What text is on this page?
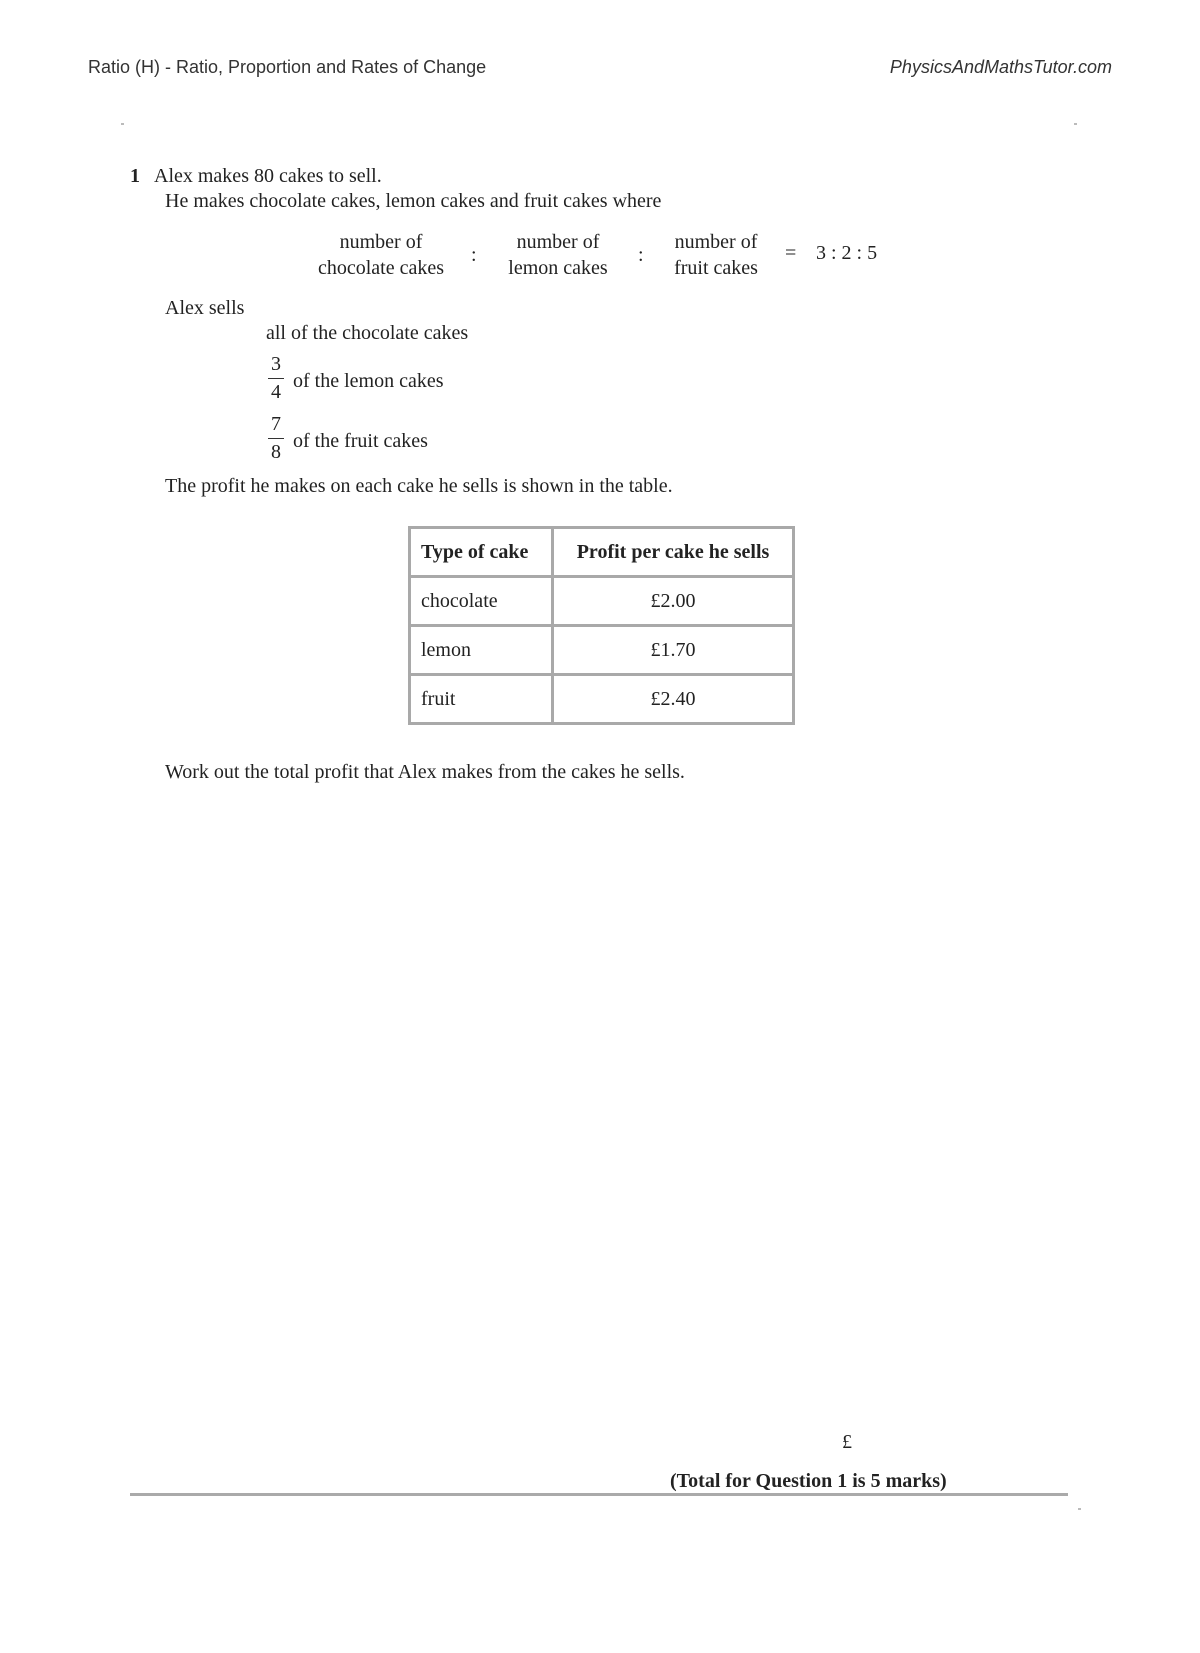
Ratio (H) - Ratio, Proportion and Rates of Change	PhysicsAndMathsTutor.com
1 Alex makes 80 cakes to sell.
He makes chocolate cakes, lemon cakes and fruit cakes where
number of
chocolate cakes
:
number of
lemon cakes
:
number of
fruit cakes
= 3 : 2 : 5
Alex sells
all of the chocolate cakes
3
4 of the lemon cakes
7
8 of the fruit cakes
The profit he makes on each cake he sells is shown in the table.
Type of cake	Profit per cake he sells
chocolate	£2.00
lemon	£1.70
fruit	£2.40
Work out the total profit that Alex makes from the cakes he sells.
£
(Total for Question 1 is 5 marks)
